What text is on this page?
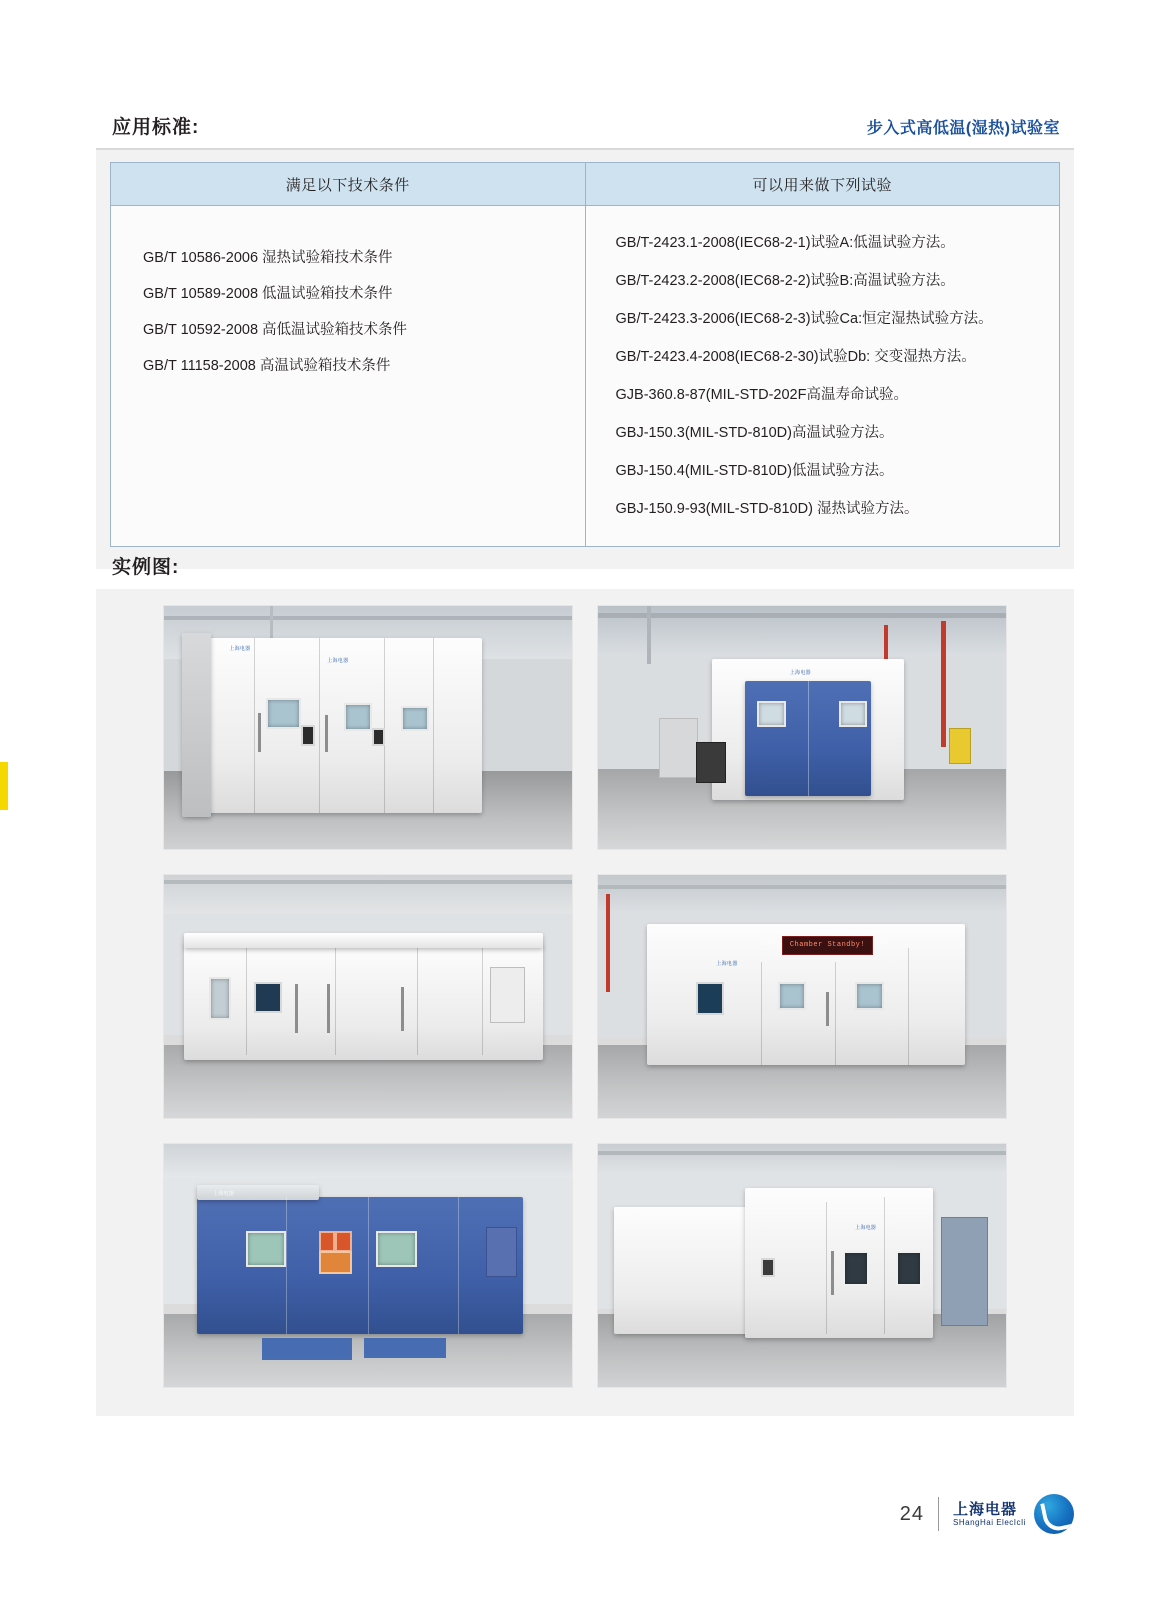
应用标准:	步入式高低温(湿热)试验室
满足以下技术条件	可以用来做下列试验

GB/T 10586-2006 湿热试验箱技术条件
GB/T 10589-2008 低温试验箱技术条件
GB/T 10592-2008 高低温试验箱技术条件
GB/T 11158-2008 高温试验箱技术条件

GB/T-2423.1-2008(IEC68-2-1)试验A:低温试验方法。
GB/T-2423.2-2008(IEC68-2-2)试验B:高温试验方法。
GB/T-2423.3-2006(IEC68-2-3)试验Ca:恒定湿热试验方法。
GB/T-2423.4-2008(IEC68-2-30)试验Db: 交变湿热方法。
GJB-360.8-87(MIL-STD-202F高温寿命试验。
GBJ-150.3(MIL-STD-810D)高温试验方法。
GBJ-150.4(MIL-STD-810D)低温试验方法。
GBJ-150.9-93(MIL-STD-810D) 湿热试验方法。
实例图:
上海电器
上海电器
上海电器
Chamber Standby!
上海电器
上海电器
上海电器
24 上海电器
SHangHai ElecIcIi
